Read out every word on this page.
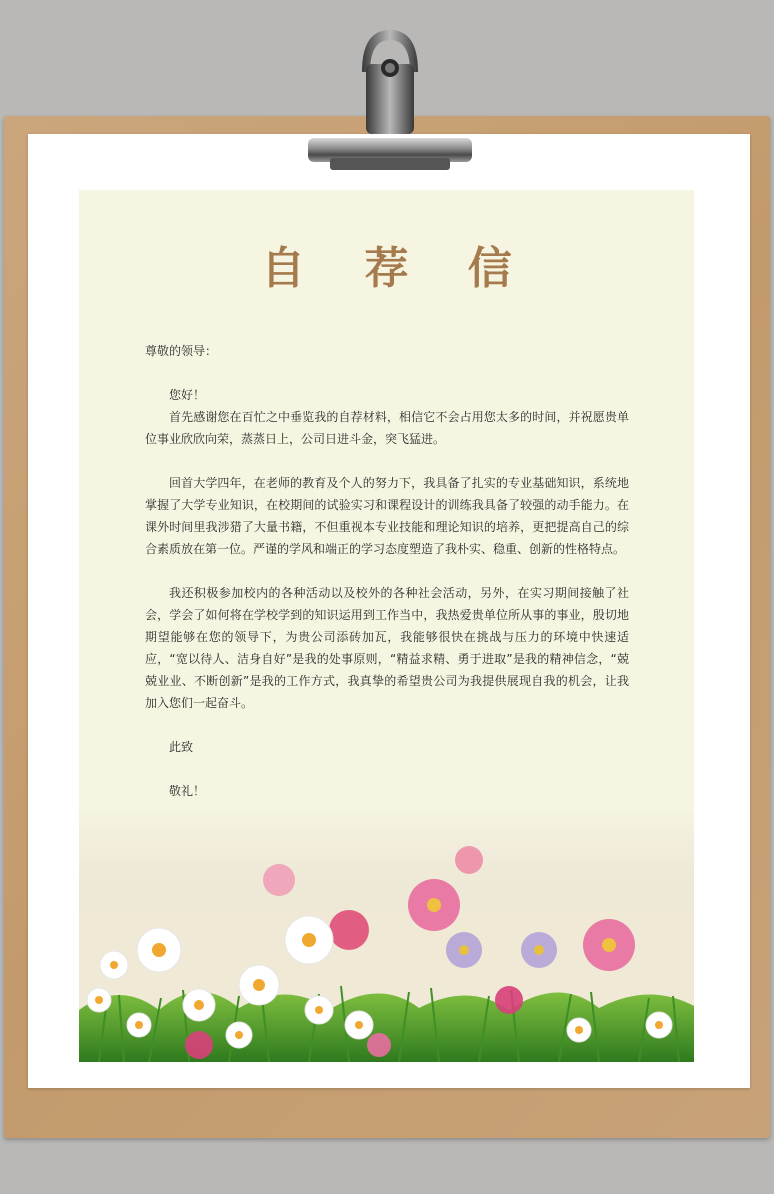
自 荐 信

尊敬的领导：

您好！

首先感谢您在百忙之中垂览我的自荐材料，相信它不会占用您太多的时间，并祝愿贵单位事业欣欣向荣，蒸蒸日上，公司日进斗金，突飞猛进。

回首大学四年，在老师的教育及个人的努力下，我具备了扎实的专业基础知识，系统地掌握了大学专业知识，在校期间的试验实习和课程设计的训练我具备了较强的动手能力。在课外时间里我涉猎了大量书籍，不但重视本专业技能和理论知识的培养，更把提高自己的综合素质放在第一位。严谨的学风和端正的学习态度塑造了我朴实、稳重、创新的性格特点。

我还积极参加校内的各种活动以及校外的各种社会活动，另外，在实习期间接触了社会，学会了如何将在学校学到的知识运用到工作当中，我热爱贵单位所从事的事业，殷切地期望能够在您的领导下，为贵公司添砖加瓦，我能够很快在挑战与压力的环境中快速适应，“宽以待人、洁身自好”是我的处事原则，“精益求精、勇于进取”是我的精神信念，“兢兢业业、不断创新”是我的工作方式，我真挚的希望贵公司为我提供展现自我的机会，让我加入您们一起奋斗。

此致

敬礼！
